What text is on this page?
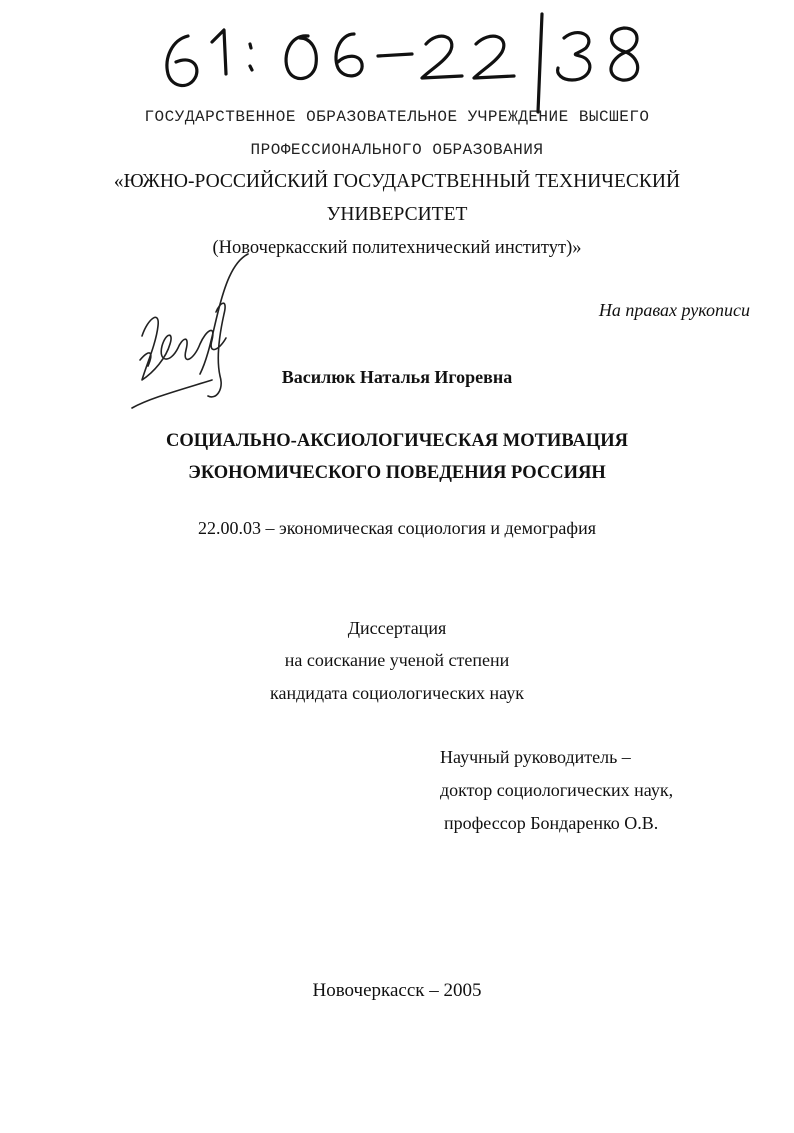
ГОСУДАРСТВЕННОЕ ОБРАЗОВАТЕЛЬНОЕ УЧРЕЖДЕНИЕ ВЫСШЕГО
ПРОФЕССИОНАЛЬНОГО ОБРАЗОВАНИЯ
«ЮЖНО-РОССИЙСКИЙ ГОСУДАРСТВЕННЫЙ ТЕХНИЧЕСКИЙ
УНИВЕРСИТЕТ
(Новочеркасский политехнический институт)»
На правах рукописи
Василюк Наталья Игоревна
СОЦИАЛЬНО-АКСИОЛОГИЧЕСКАЯ МОТИВАЦИЯ
ЭКОНОМИЧЕСКОГО ПОВЕДЕНИЯ РОССИЯН
22.00.03 – экономическая социология и демография
Диссертация
на соискание ученой степени
кандидата социологических наук
Научный руководитель –
доктор социологических наук,
профессор Бондаренко О.В.
Новочеркасск – 2005
